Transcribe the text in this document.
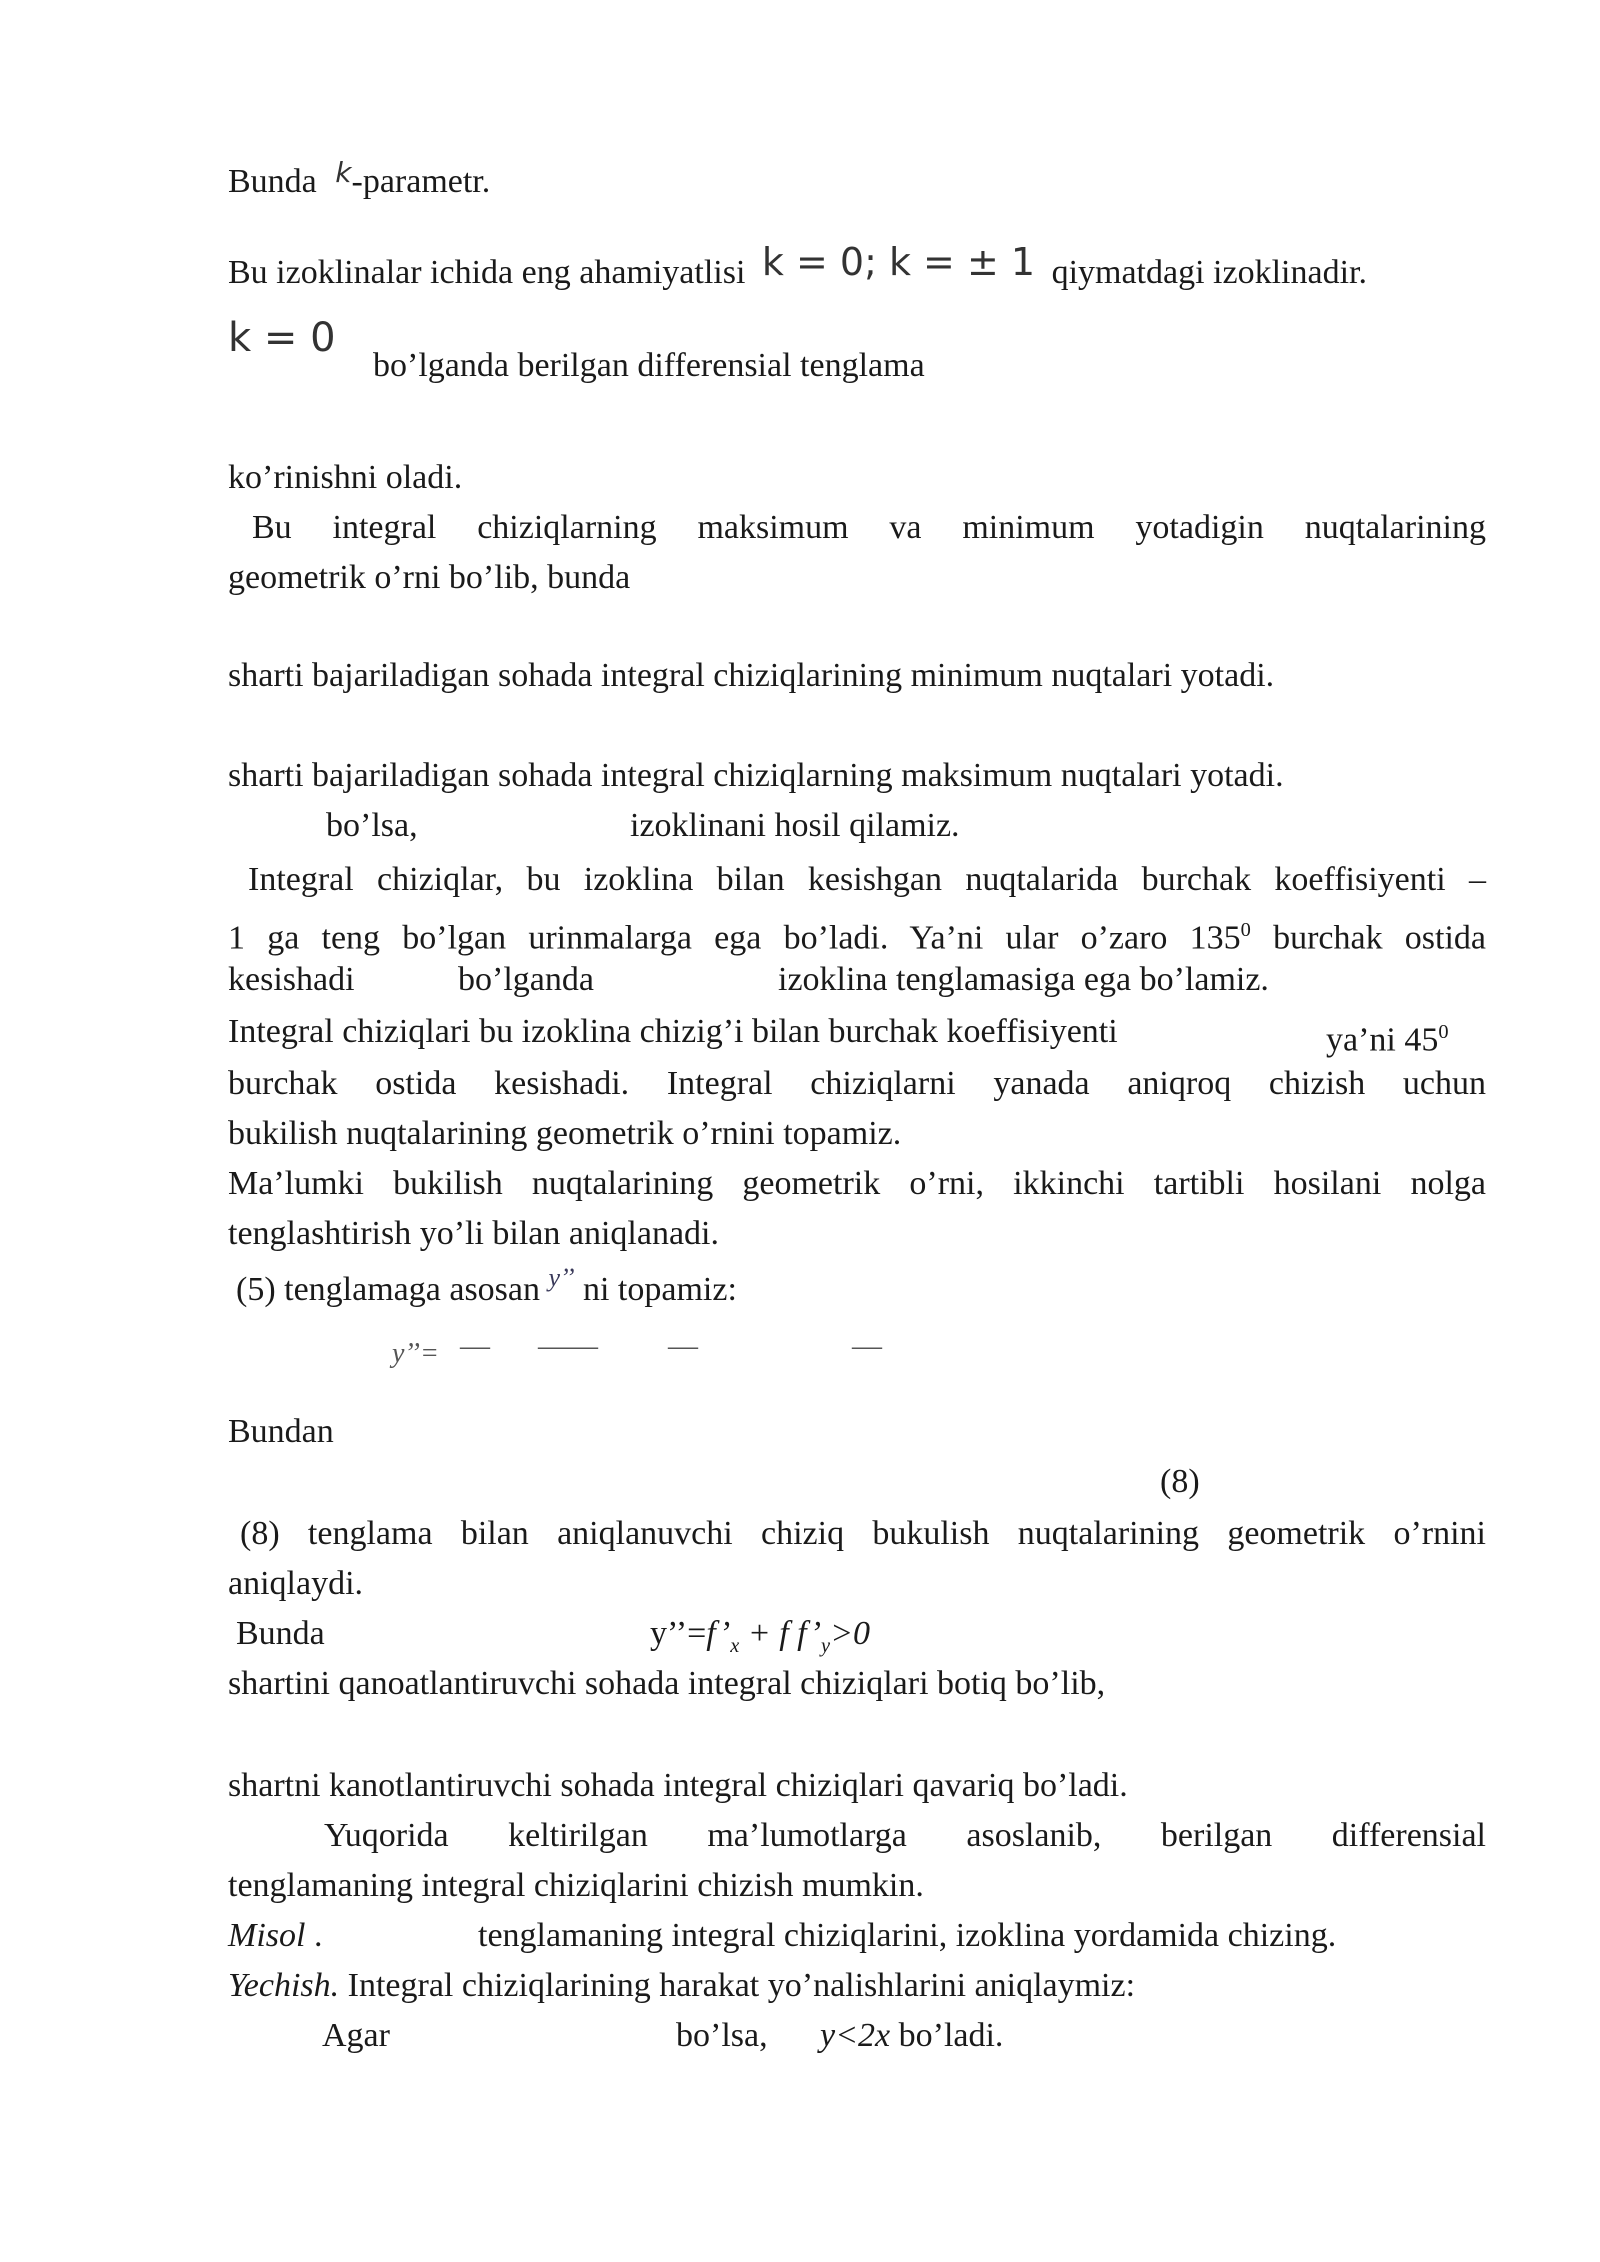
Bunda $^k$-parametr.
Bu izoklinalar ichida eng ahamiyatlisi k = 0; k = ± 1 qiymatdagi izoklinadir.
k = 0
bo’lganda berilgan differensial tenglama
ko’rinishni oladi.
Bu integral chiziqlarning maksimum va minimum yotadigin nuqtalarining
geometrik o’rni bo’lib, bunda
sharti bajariladigan sohada integral chiziqlarining minimum nuqtalari yotadi.
sharti bajariladigan sohada integral chiziqlarning maksimum nuqtalari yotadi.
bo’lsa,	izoklinani hosil qilamiz.
Integral chiziqlar, bu izoklina bilan kesishgan nuqtalarida burchak koeffisiyenti –
1 ga teng bo’lgan urinmalarga ega bo’ladi. Ya’ni ular o’zaro $135^0$ burchak ostida
kesishadi	bo’lganda	izoklina tenglamasiga ega bo’lamiz.
Integral chiziqlari bu izoklina chizig’i bilan burchak koeffisiyenti	ya’ni $45^0$
burchak ostida kesishadi. Integral chiziqlarni yanada aniqroq chizish uchun
bukilish nuqtalarining geometrik o’rnini topamiz.
Ma’lumki bukilish nuqtalarining geometrik o’rni, ikkinchi tartibli hosilani nolga
tenglashtirish yo’li bilan aniqlanadi.
(5) tenglamaga asosan $^{y’’}$ ni topamiz:
y’’= — —— —	—
Bundan
(8)
(8) tenglama bilan aniqlanuvchi chiziq bukulish nuqtalarining geometrik o’rnini
aniqlaydi.
Bunda	$y’’=f’_x + f$ $f’_y>0$
shartini qanoatlantiruvchi sohada integral chiziqlari botiq bo’lib,
shartni kanotlantiruvchi sohada integral chiziqlari qavariq bo’ladi.
Yuqorida keltirilgan ma’lumotlarga asoslanib, berilgan differensial
tenglamaning integral chiziqlarini chizish mumkin.
Misol .	tenglamaning integral chiziqlarini, izoklina yordamida chizing.
Yechish. Integral chiziqlarining harakat yo’nalishlarini aniqlaymiz:
Agar	bo’lsa, y<2x bo’ladi.
